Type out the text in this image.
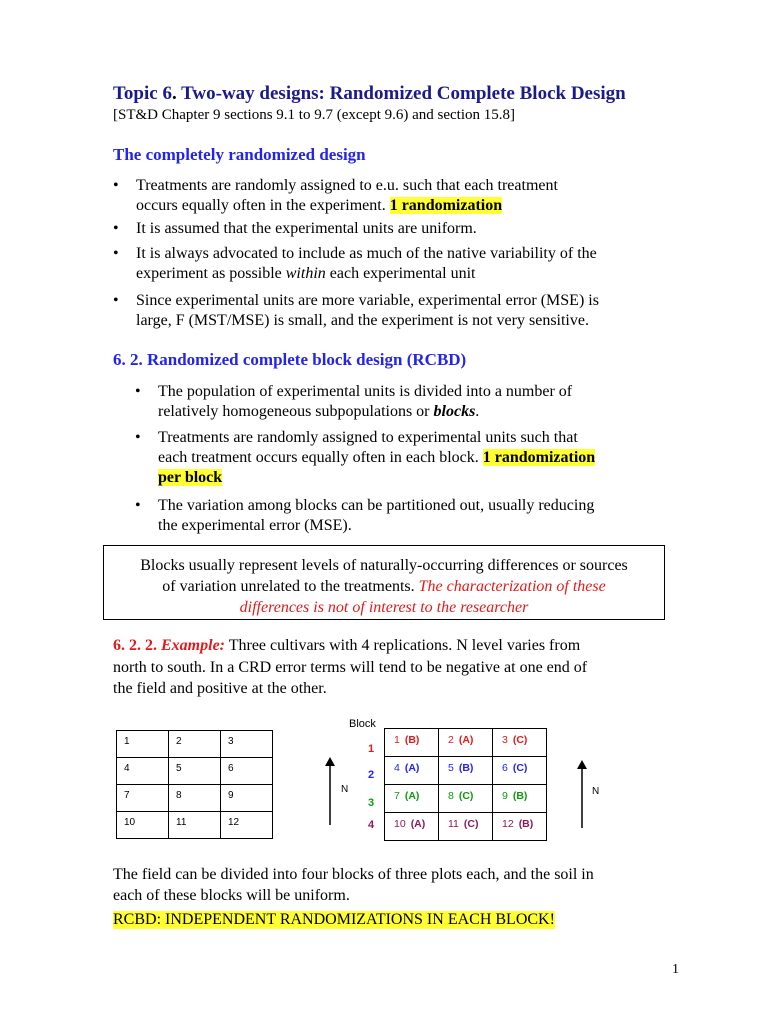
Topic 6. Two-way designs: Randomized Complete Block Design
[ST&D Chapter 9 sections 9.1 to 9.7 (except 9.6) and section 15.8]
The completely randomized design
• Treatments are randomly assigned to e.u. such that each treatment
occurs equally often in the experiment. 1 randomization
• It is assumed that the experimental units are uniform.
• It is always advocated to include as much of the native variability of the
experiment as possible within each experimental unit
• Since experimental units are more variable, experimental error (MSE) is
large, F (MST/MSE) is small, and the experiment is not very sensitive.
6. 2. Randomized complete block design (RCBD)
• The population of experimental units is divided into a number of
relatively homogeneous subpopulations or blocks.
• Treatments are randomly assigned to experimental units such that
each treatment occurs equally often in each block. 1 randomization
per block
• The variation among blocks can be partitioned out, usually reducing
the experimental error (MSE).
Blocks usually represent levels of naturally-occurring differences or sources
of variation unrelated to the treatments. The characterization of these
differences is not of interest to the researcher
6. 2. 2. Example: Three cultivars with 4 replications. N level varies from
north to south. In a CRD error terms will tend to be negative at one end of
the field and positive at the other.
1	2	3
4	5	6
7	8	9
10	11	12
N	N
Block
1
2
3
4
1 (B)	2 (A)	3 (C)
4 (A)	5 (B)	6 (C)
7 (A)	8 (C)	9 (B)
10 (A)	11 (C)	12 (B)
The field can be divided into four blocks of three plots each, and the soil in
each of these blocks will be uniform.
RCBD: INDEPENDENT RANDOMIZATIONS IN EACH BLOCK!
1
